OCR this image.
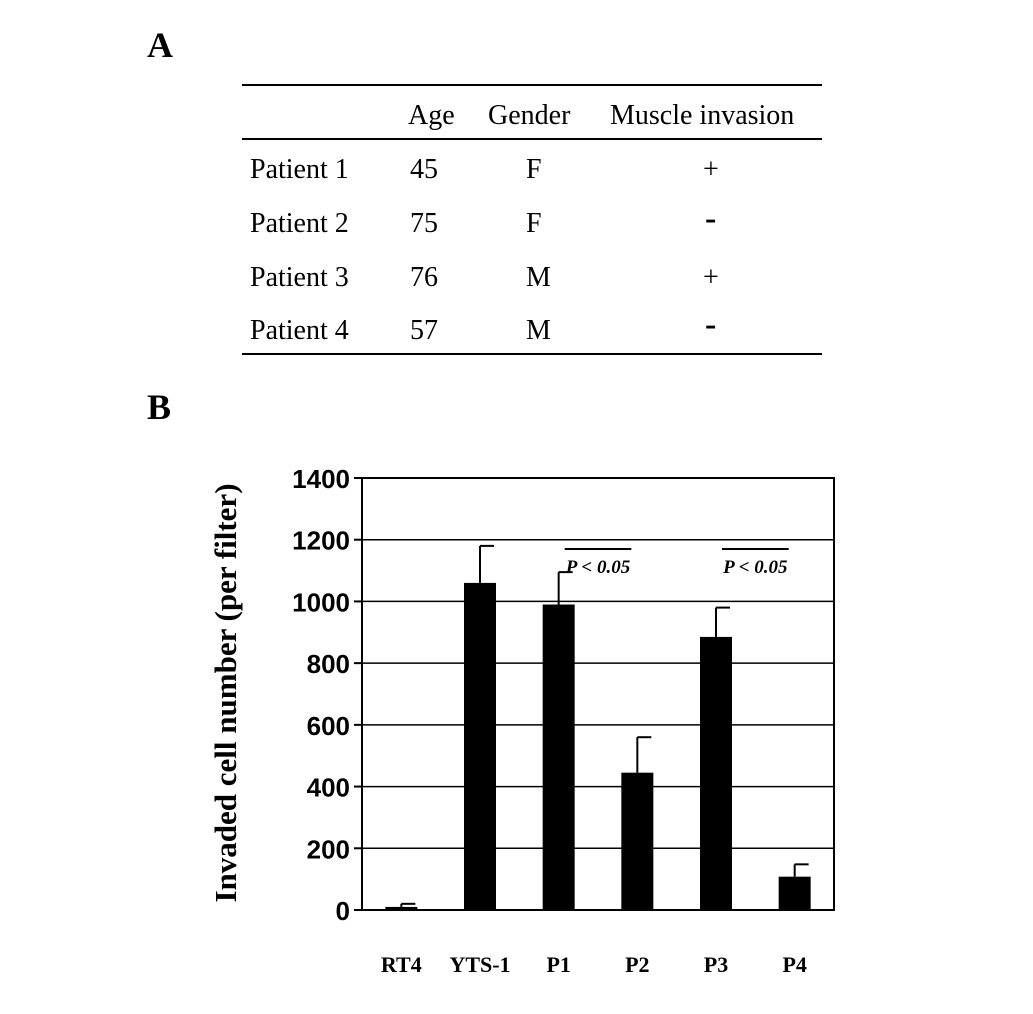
A
B
Age Gender Muscle invasion
Patient 1 45	F	+
Patient 2 75	F	-
Patient 3 76	M	+
Patient 4 57	M	-
0
200
400
600
800
1000
1200
1400
RT4 YTS-1 P1 P2 P3 P4
P < 0.05	P < 0.05
Invaded cell number (per filter)
